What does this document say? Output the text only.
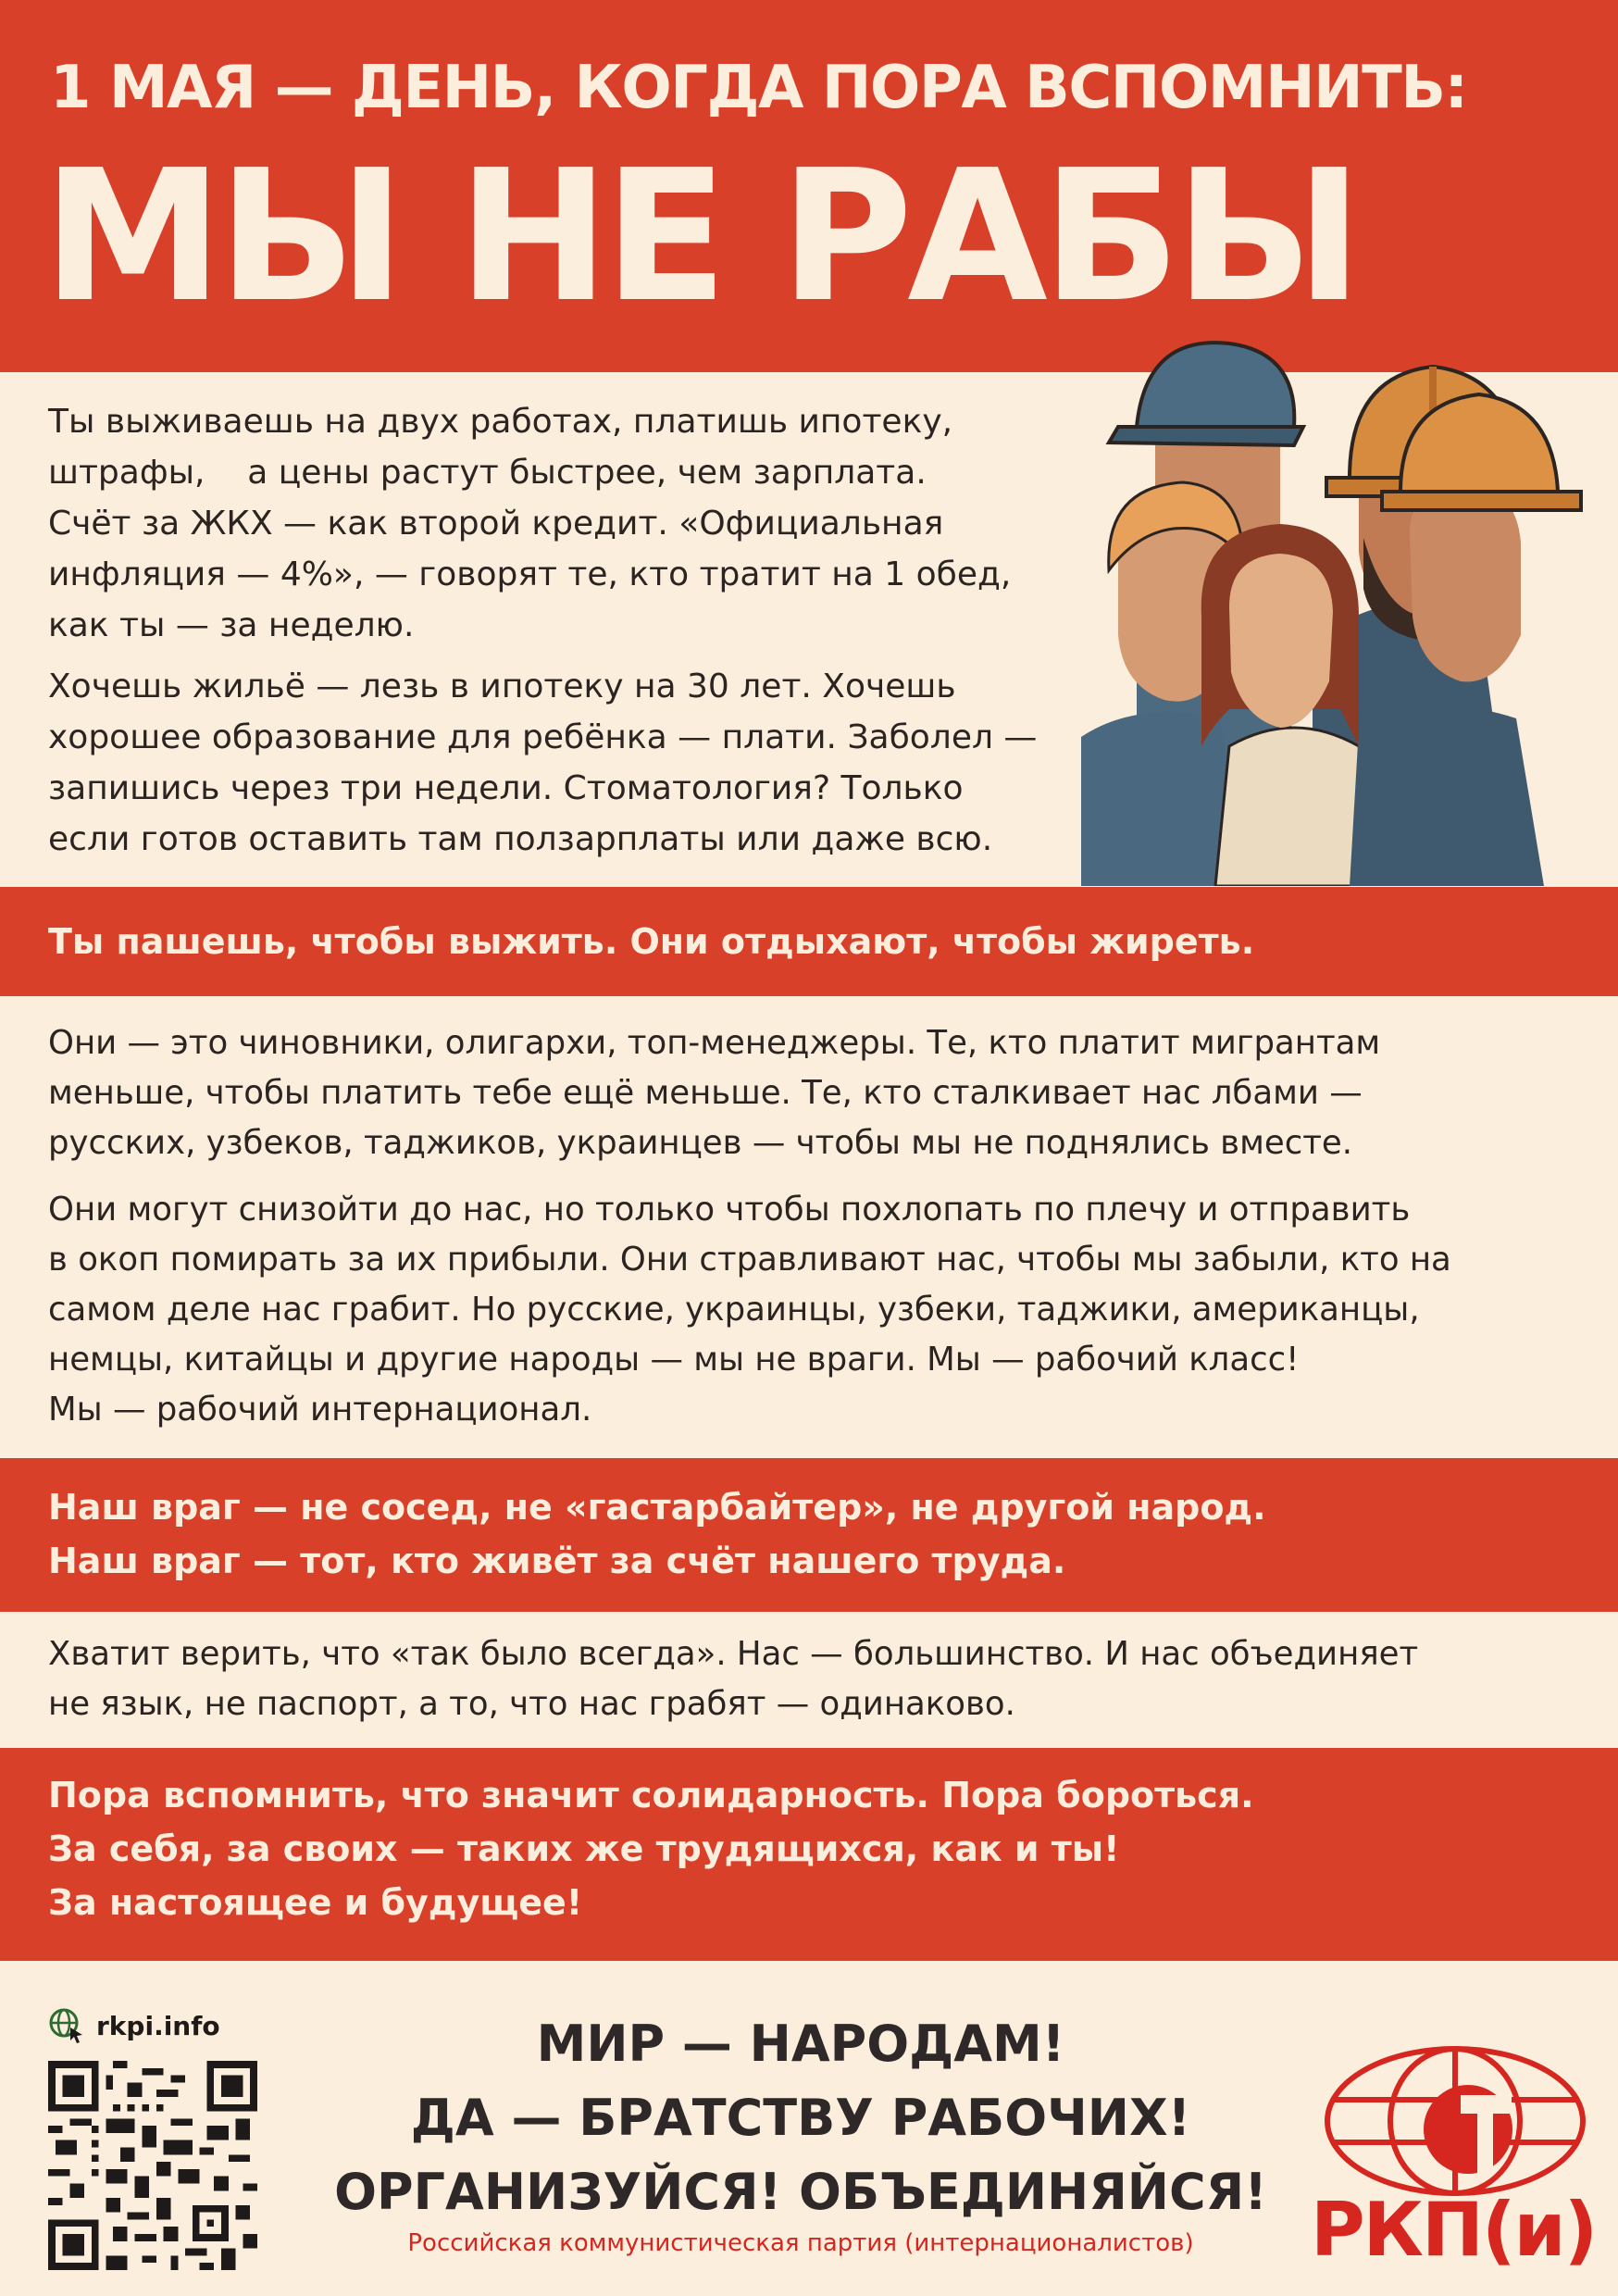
1 МАЯ — ДЕНЬ, КОГДА ПОРА ВСПОМНИТЬ:
МЫ НЕ РАБЫ
Ты выживаешь на двух работах, платишь ипотеку,
штрафы,    а цены растут быстрее, чем зарплата.
Счёт за ЖКХ — как второй кредит. «Официальная
инфляция — 4%», — говорят те, кто тратит на 1 обед,
как ты — за неделю.
Хочешь жильё — лезь в ипотеку на 30 лет. Хочешь
хорошее образование для ребёнка — плати. Заболел —
запишись через три недели. Стоматология? Только
если готов оставить там ползарплаты или даже всю.

Ты пашешь, чтобы выжить. Они отдыхают, чтобы жиреть.

Они — это чиновники, олигархи, топ-менеджеры. Те, кто платит мигрантам
меньше, чтобы платить тебе ещё меньше. Те, кто сталкивает нас лбами —
русских, узбеков, таджиков, украинцев — чтобы мы не поднялись вместе.
Они могут снизойти до нас, но только чтобы похлопать по плечу и отправить
в окоп помирать за их прибыли. Они стравливают нас, чтобы мы забыли, кто на
самом деле нас грабит. Но русские, украинцы, узбеки, таджики, американцы,
немцы, китайцы и другие народы — мы не враги. Мы — рабочий класс!
Мы — рабочий интернационал.
Наш враг — не сосед, не «гастарбайтер», не другой народ.
Наш враг — тот, кто живёт за счёт нашего труда.
Хватит верить, что «так было всегда». Нас — большинство. И нас объединяет
не язык, не паспорт, а то, что нас грабят — одинаково.
Пора вспомнить, что значит солидарность. Пора бороться.
За себя, за своих — таких же трудящихся, как и ты!
За настоящее и будущее!
rkpi.info	МИР — НАРОДАМ!
ДА — БРАТСТВУ РАБОЧИХ!
ОРГАНИЗУЙСЯ! ОБЪЕДИНЯЙСЯ!
Российская коммунистическая партия (интернационалистов)	РКП(и)
